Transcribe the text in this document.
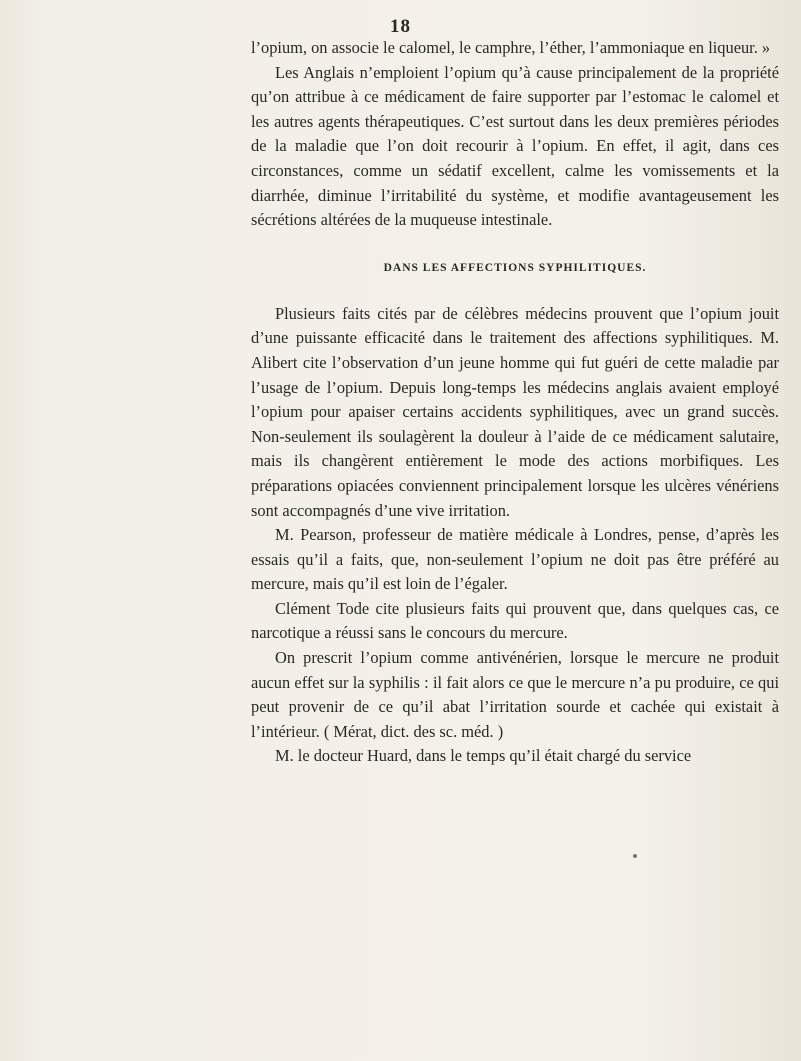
18

l’opium, on associe le calomel, le camphre, l’éther, l’ammoniaque en liqueur. »

Les Anglais n’emploient l’opium qu’à cause principalement de la propriété qu’on attribue à ce médicament de faire supporter par l’estomac le calomel et les autres agents thérapeutiques. C’est surtout dans les deux premières périodes de la maladie que l’on doit recourir à l’opium. En effet, il agit, dans ces circonstances, comme un sédatif excellent, calme les vomissements et la diarrhée, diminue l’irritabilité du système, et modifie avantageusement les sécrétions altérées de la muqueuse intestinale.

DANS LES AFFECTIONS SYPHILITIQUES.

Plusieurs faits cités par de célèbres médecins prouvent que l’opium jouit d’une puissante efficacité dans le traitement des affections syphilitiques. M. Alibert cite l’observation d’un jeune homme qui fut guéri de cette maladie par l’usage de l’opium. Depuis long-temps les médecins anglais avaient employé l’opium pour apaiser certains accidents syphilitiques, avec un grand succès. Non-seulement ils soulagèrent la douleur à l’aide de ce médicament salutaire, mais ils changèrent entièrement le mode des actions morbifiques. Les préparations opiacées conviennent principalement lorsque les ulcères vénériens sont accompagnés d’une vive irritation.

M. Pearson, professeur de matière médicale à Londres, pense, d’après les essais qu’il a faits, que, non-seulement l’opium ne doit pas être préféré au mercure, mais qu’il est loin de l’égaler.

Clément Tode cite plusieurs faits qui prouvent que, dans quelques cas, ce narcotique a réussi sans le concours du mercure.

On prescrit l’opium comme antivénérien, lorsque le mercure ne produit aucun effet sur la syphilis : il fait alors ce que le mercure n’a pu produire, ce qui peut provenir de ce qu’il abat l’irritation sourde et cachée qui existait à l’intérieur. ( Mérat, dict. des sc. méd. )

M. le docteur Huard, dans le temps qu’il était chargé du service
